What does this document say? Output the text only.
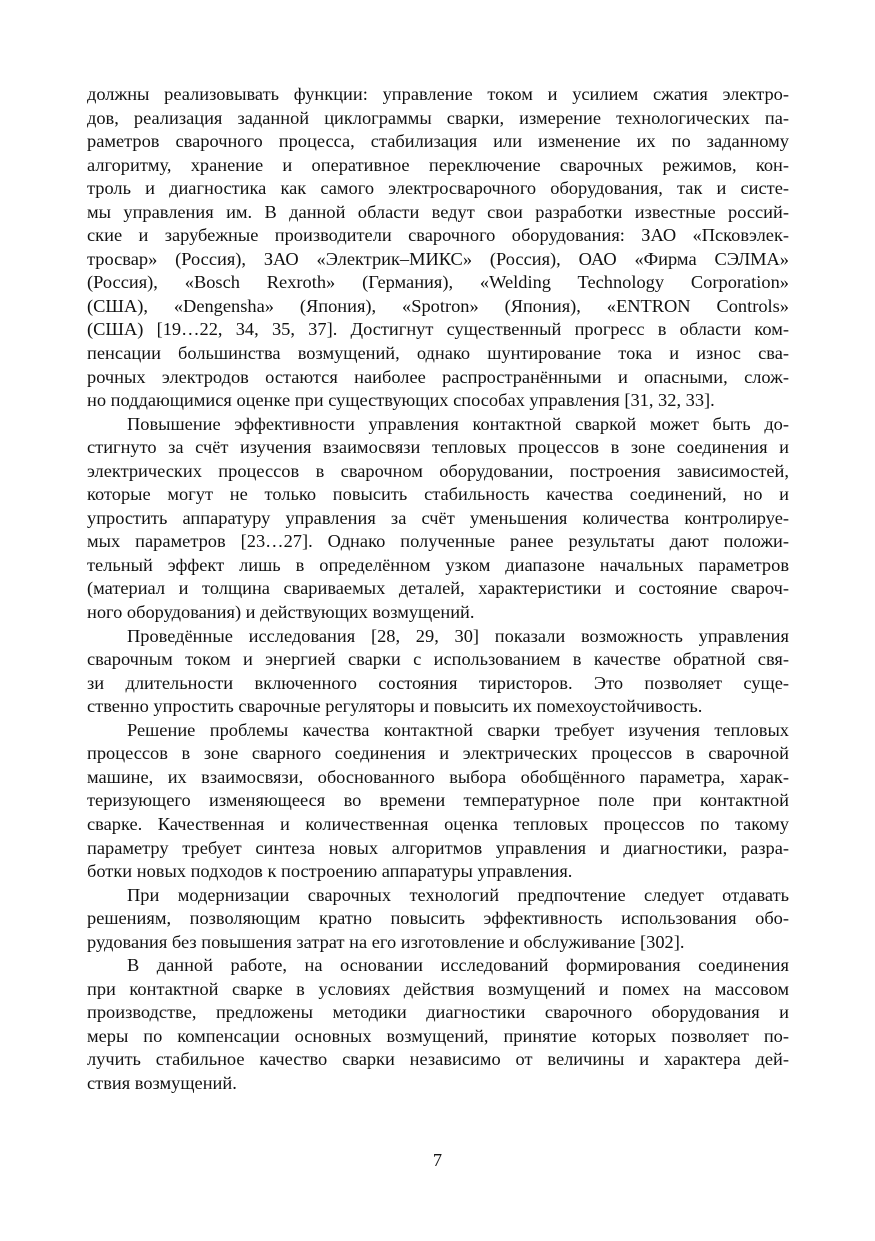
должны реализовывать функции: управление током и усилием сжатия электро-
дов, реализация заданной циклограммы сварки, измерение технологических па-
раметров сварочного процесса, стабилизация или изменение их по заданному
алгоритму, хранение и оперативное переключение сварочных режимов, кон-
троль и диагностика как самого электросварочного оборудования, так и систе-
мы управления им. В данной области ведут свои разработки известные россий-
ские и зарубежные производители сварочного оборудования: ЗАО «Псковэлек-
тросвар» (Россия), ЗАО «Электрик–МИКС» (Россия), ОАО «Фирма СЭЛМА»
(Россия), «Bosch Rexroth» (Германия), «Welding Technology Corporation»
(США), «Dengensha» (Япония), «Spotron» (Япония), «ENTRON Controls»
(США) [19…22, 34, 35, 37]. Достигнут существенный прогресс в области ком-
пенсации большинства возмущений, однако шунтирование тока и износ сва-
рочных электродов остаются наиболее распространёнными и опасными, слож-
но поддающимися оценке при существующих способах управления [31, 32, 33].
Повышение эффективности управления контактной сваркой может быть до-
стигнуто за счёт изучения взаимосвязи тепловых процессов в зоне соединения и
электрических процессов в сварочном оборудовании, построения зависимостей,
которые могут не только повысить стабильность качества соединений, но и
упростить аппаратуру управления за счёт уменьшения количества контролируе-
мых параметров [23…27]. Однако полученные ранее результаты дают положи-
тельный эффект лишь в определённом узком диапазоне начальных параметров
(материал и толщина свариваемых деталей, характеристики и состояние свароч-
ного оборудования) и действующих возмущений.
Проведённые исследования [28, 29, 30] показали возможность управления
сварочным током и энергией сварки с использованием в качестве обратной свя-
зи длительности включенного состояния тиристоров. Это позволяет суще-
ственно упростить сварочные регуляторы и повысить их помехоустойчивость.
Решение проблемы качества контактной сварки требует изучения тепловых
процессов в зоне сварного соединения и электрических процессов в сварочной
машине, их взаимосвязи, обоснованного выбора обобщённого параметра, харак-
теризующего изменяющееся во времени температурное поле при контактной
сварке. Качественная и количественная оценка тепловых процессов по такому
параметру требует синтеза новых алгоритмов управления и диагностики, разра-
ботки новых подходов к построению аппаратуры управления.
При модернизации сварочных технологий предпочтение следует отдавать
решениям, позволяющим кратно повысить эффективность использования обо-
рудования без повышения затрат на его изготовление и обслуживание [302].
В данной работе, на основании исследований формирования соединения
при контактной сварке в условиях действия возмущений и помех на массовом
производстве, предложены методики диагностики сварочного оборудования и
меры по компенсации основных возмущений, принятие которых позволяет по-
лучить стабильное качество сварки независимо от величины и характера дей-
ствия возмущений.
7
